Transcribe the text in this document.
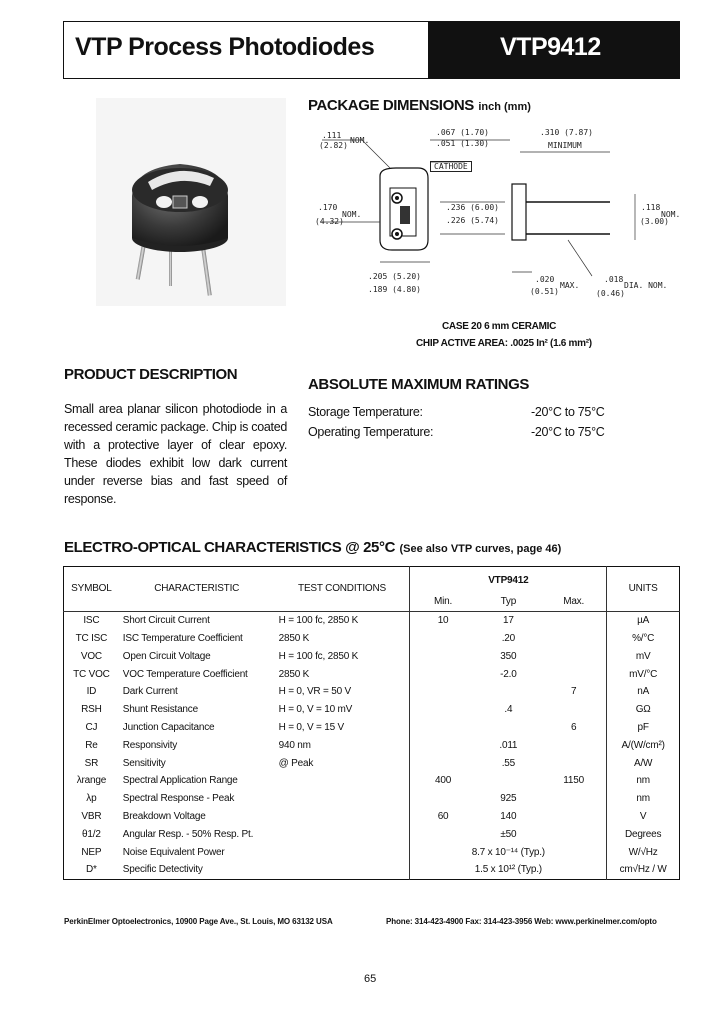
VTP Process Photodiodes	VTP9412
PACKAGE DIMENSIONS inch (mm)
.111
NOM.
(2.82)
.067 (1.70)
.051 (1.30)
.310 (7.87)
MINIMUM
CATHODE
.170
NOM.
(4.32)
.236 (6.00)
.226 (5.74)
.118
NOM.
(3.00)
.205 (5.20)
.189 (4.80)
.020
MAX.
(0.51)
.018
DIA. NOM.
(0.46)
CASE 20 6 mm CERAMIC
CHIP ACTIVE AREA: .0025 In² (1.6 mm²)
PRODUCT DESCRIPTION
Small area planar silicon photodiode in a recessed ceramic package. Chip is coated with a protective layer of clear epoxy. These diodes exhibit low dark current under reverse bias and fast speed of response.
ABSOLUTE MAXIMUM RATINGS
Storage Temperature:	-20°C to 75°C
Operating Temperature:	-20°C to 75°C
ELECTRO-OPTICAL CHARACTERISTICS @ 25°C (See also VTP curves, page 46)
SYMBOL	CHARACTERISTIC	TEST CONDITIONS	VTP9412			UNITS
			Min.	Typ	Max.	
ISC	Short Circuit Current	H = 100 fc, 2850 K	10	17		µA
TC ISC	ISC Temperature Coefficient	2850 K		.20		%/°C
VOC	Open Circuit Voltage	H = 100 fc, 2850 K		350		mV
TC VOC	VOC Temperature Coefficient	2850 K		-2.0		mV/°C
ID	Dark Current	H = 0, VR = 50 V			7	nA
RSH	Shunt Resistance	H = 0, V = 10 mV		.4		GΩ
CJ	Junction Capacitance	H = 0, V = 15 V			6	pF
Re	Responsivity	940 nm		.011		A/(W/cm²)
SR	Sensitivity	@ Peak		.55		A/W
λrange	Spectral Application Range		400		1150	nm
λp	Spectral Response - Peak			925		nm
VBR	Breakdown Voltage		60	140		V
θ1/2	Angular Resp. - 50% Resp. Pt.			±50		Degrees
NEP	Noise Equivalent Power		8.7 x 10⁻¹⁴ (Typ.)			W/√Hz
D*	Specific Detectivity		1.5 x 10¹² (Typ.)			cm√Hz / W
PerkinElmer Optoelectronics, 10900 Page Ave., St. Louis, MO 63132 USA	Phone: 314-423-4900 Fax: 314-423-3956 Web: www.perkinelmer.com/opto
65
